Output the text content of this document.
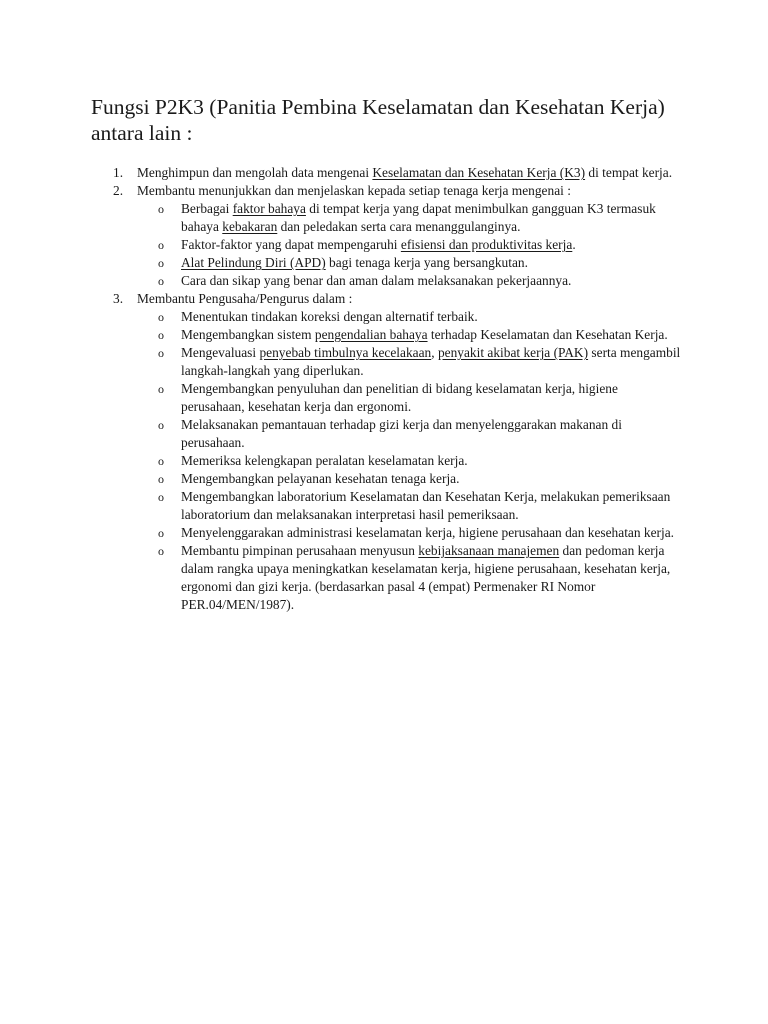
Fungsi P2K3 (Panitia Pembina Keselamatan dan Kesehatan Kerja) antara lain :
1. Menghimpun dan mengolah data mengenai Keselamatan dan Kesehatan Kerja (K3) di tempat kerja.
2. Membantu menunjukkan dan menjelaskan kepada setiap tenaga kerja mengenai :
o Berbagai faktor bahaya di tempat kerja yang dapat menimbulkan gangguan K3 termasuk bahaya kebakaran dan peledakan serta cara menanggulanginya.
o Faktor-faktor yang dapat mempengaruhi efisiensi dan produktivitas kerja.
o Alat Pelindung Diri (APD) bagi tenaga kerja yang bersangkutan.
o Cara dan sikap yang benar dan aman dalam melaksanakan pekerjaannya.
3. Membantu Pengusaha/Pengurus dalam :
o Menentukan tindakan koreksi dengan alternatif terbaik.
o Mengembangkan sistem pengendalian bahaya terhadap Keselamatan dan Kesehatan Kerja.
o Mengevaluasi penyebab timbulnya kecelakaan, penyakit akibat kerja (PAK) serta mengambil langkah-langkah yang diperlukan.
o Mengembangkan penyuluhan dan penelitian di bidang keselamatan kerja, higiene perusahaan, kesehatan kerja dan ergonomi.
o Melaksanakan pemantauan terhadap gizi kerja dan menyelenggarakan makanan di perusahaan.
o Memeriksa kelengkapan peralatan keselamatan kerja.
o Mengembangkan pelayanan kesehatan tenaga kerja.
o Mengembangkan laboratorium Keselamatan dan Kesehatan Kerja, melakukan pemeriksaan laboratorium dan melaksanakan interpretasi hasil pemeriksaan.
o Menyelenggarakan administrasi keselamatan kerja, higiene perusahaan dan kesehatan kerja.
o Membantu pimpinan perusahaan menyusun kebijaksanaan manajemen dan pedoman kerja dalam rangka upaya meningkatkan keselamatan kerja, higiene perusahaan, kesehatan kerja, ergonomi dan gizi kerja. (berdasarkan pasal 4 (empat) Permenaker RI Nomor PER.04/MEN/1987).
